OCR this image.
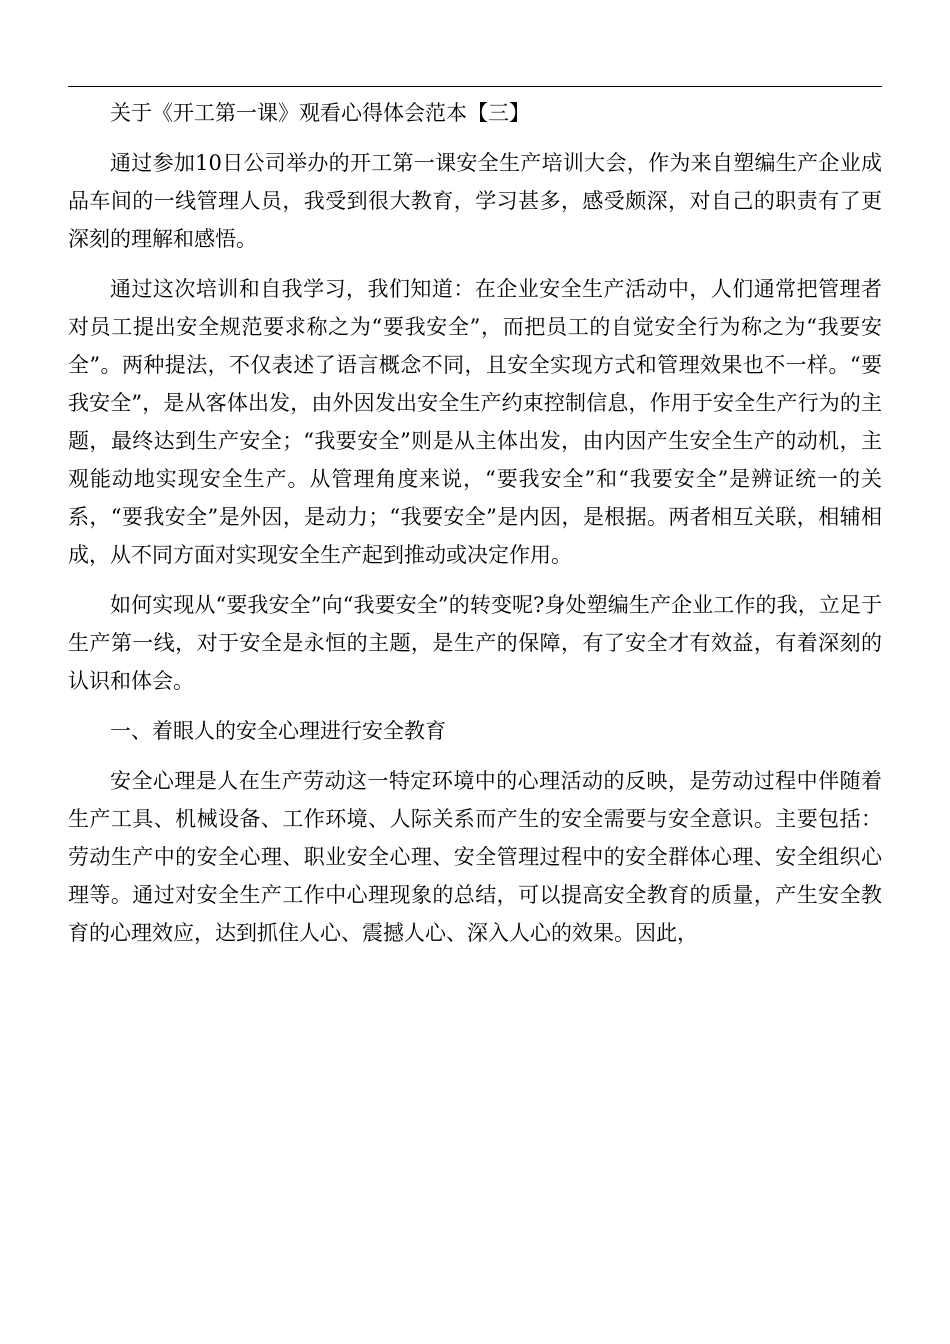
关于《开工第一课》观看心得体会范本【三】

通过参加10日公司举办的开工第一课安全生产培训大会，作为来自塑编生产企业成品车间的一线管理人员，我受到很大教育，学习甚多，感受颇深，对自己的职责有了更深刻的理解和感悟。

通过这次培训和自我学习，我们知道：在企业安全生产活动中，人们通常把管理者对员工提出安全规范要求称之为“要我安全”，而把员工的自觉安全行为称之为“我要安全”。两种提法，不仅表述了语言概念不同，且安全实现方式和管理效果也不一样。“要我安全”，是从客体出发，由外因发出安全生产约束控制信息，作用于安全生产行为的主题，最终达到生产安全；“我要安全”则是从主体出发，由内因产生安全生产的动机，主观能动地实现安全生产。从管理角度来说，“要我安全”和“我要安全”是辨证统一的关系，“要我安全”是外因，是动力；“我要安全”是内因，是根据。两者相互关联，相辅相成，从不同方面对实现安全生产起到推动或决定作用。

如何实现从“要我安全”向“我要安全”的转变呢?身处塑编生产企业工作的我，立足于生产第一线，对于安全是永恒的主题，是生产的保障，有了安全才有效益，有着深刻的认识和体会。

一、着眼人的安全心理进行安全教育

安全心理是人在生产劳动这一特定环境中的心理活动的反映，是劳动过程中伴随着生产工具、机械设备、工作环境、人际关系而产生的安全需要与安全意识。主要包括：劳动生产中的安全心理、职业安全心理、安全管理过程中的安全群体心理、安全组织心理等。通过对安全生产工作中心理现象的总结，可以提高安全教育的质量，产生安全教育的心理效应，达到抓住人心、震撼人心、深入人心的效果。因此，
